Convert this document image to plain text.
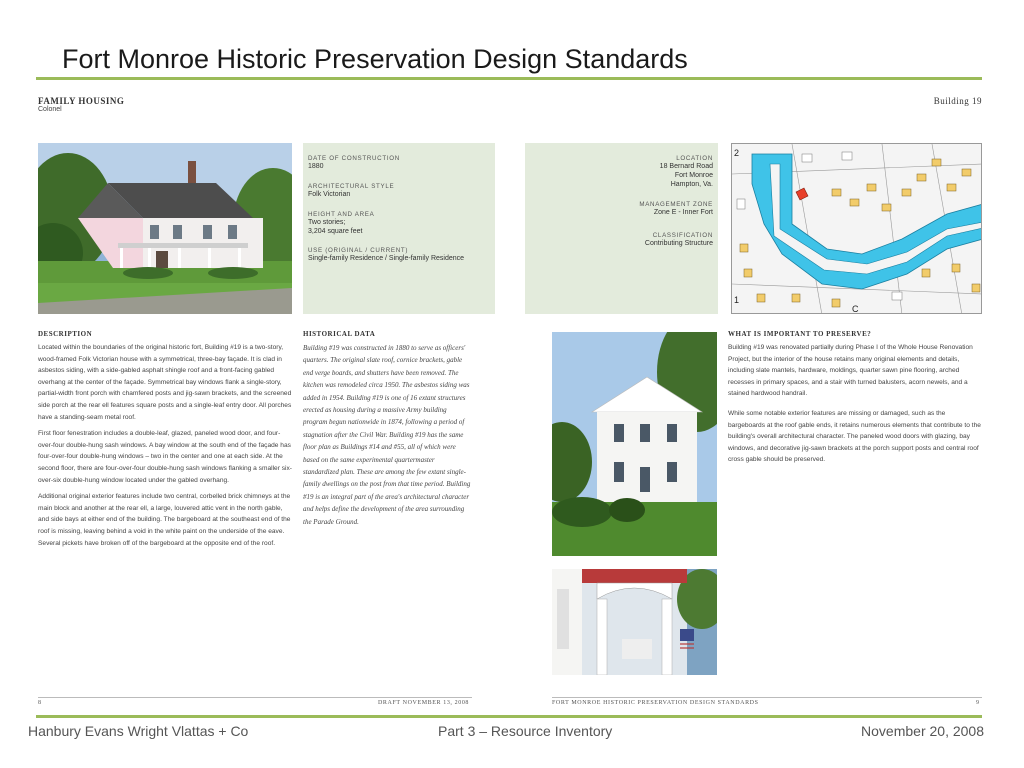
Fort Monroe Historic Preservation Design Standards
FAMILY HOUSING
Colonel
DATE OF CONSTRUCTION
1880
ARCHITECTURAL STYLE
Folk Victorian
HEIGHT AND AREA
Two stories;
3,204 square feet
USE (ORIGINAL / CURRENT)
Single-family Residence / Single-family Residence
DESCRIPTION

Located within the boundaries of the original historic fort, Building #19 is a two-story, wood-framed Folk Victorian house with a symmetrical, three-bay façade. It is clad in asbestos siding, with a side-gabled asphalt shingle roof and a front-facing gabled overhang at the center of the façade. Symmetrical bay windows flank a single-story, partial-width front porch with chamfered posts and jig-sawn brackets, and the screened side porch at the rear ell features square posts and a single-leaf entry door. All porches have a standing-seam metal roof.

First floor fenestration includes a double-leaf, glazed, paneled wood door, and four-over-four double-hung sash windows. A bay window at the south end of the façade has four-over-four double-hung windows – two in the center and one at each side. At the second floor, there are four-over-four double-hung sash windows flanking a smaller six-over-six double-hung window located under the gabled overhang.

Additional original exterior features include two central, corbelled brick chimneys at the main block and another at the rear ell, a large, louvered attic vent in the north gable, and side bays at either end of the building. The bargeboard at the southeast end of the roof is missing, leaving behind a void in the white paint on the underside of the eave. Several pickets have broken off of the bargeboard at the opposite end of the roof.

HISTORICAL DATA

Building #19 was constructed in 1880 to serve as officers' quarters. The original slate roof, cornice brackets, gable end verge boards, and shutters have been removed. The kitchen was remodeled circa 1950. The asbestos siding was added in 1954. Building #19 is one of 16 extant structures erected as housing during a massive Army building program begun nationwide in 1874, following a period of stagnation after the Civil War. Building #19 has the same floor plan as Buildings #14 and #55, all of which were based on the same experimental quartermaster standardized plan. These are among the few extant single-family dwellings on the post from that time period. Building #19 is an integral part of the area's architectural character and helps define the development of the area surrounding the Parade Ground.

8	DRAFT NOVEMBER 13, 2008
Building 19
LOCATION
18 Bernard Road
Fort Monroe
Hampton, Va.
MANAGEMENT ZONE
Zone E - Inner Fort
CLASSIFICATION
Contributing Structure
2
1
C
WHAT IS IMPORTANT TO PRESERVE?

Building #19 was renovated partially during Phase I of the Whole House Renovation Project, but the interior of the house retains many original elements and details, including slate mantels, hardware, moldings, quarter sawn pine flooring, arched recesses in primary spaces, and a stair with turned balusters, acorn newels, and a stained hardwood handrail.

While some notable exterior features are missing or damaged, such as the bargeboards at the roof gable ends, it retains numerous elements that contribute to the building's overall architectural character. The paneled wood doors with glazing, bay windows, and decorative jig-sawn brackets at the porch support posts and central roof cross gable should be preserved.

FORT MONROE HISTORIC PRESERVATION DESIGN STANDARDS	9
Hanbury Evans Wright Vlattas + Co	Part 3 – Resource Inventory	November 20, 2008
